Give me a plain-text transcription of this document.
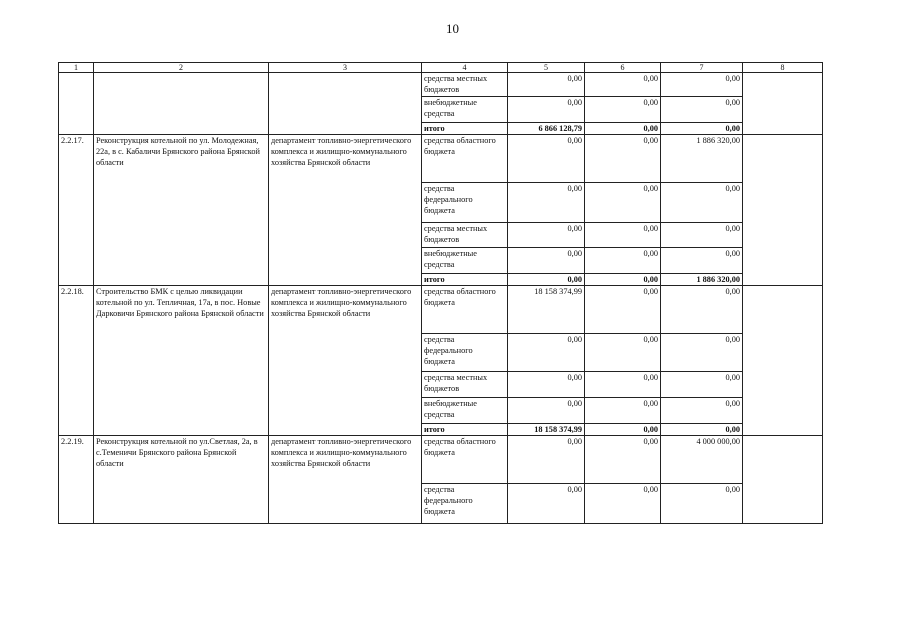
10
1	2	3	4	5	6	7	8
			средства местных бюджетов	0,00	0,00	0,00	
			внебюджетные средства	0,00	0,00	0,00	
			итого	6 866 128,79	0,00	0,00	
2.2.17.	Реконструкция котельной по ул. Молодежная, 22а, в с. Кабаличи Брянского района Брянской области	департамент топливно-энергетического комплекса и жилищно-коммунального хозяйства Брянской области	средства областного бюджета	0,00	0,00	1 886 320,00	
			средства федерального бюджета	0,00	0,00	0,00	
			средства местных бюджетов	0,00	0,00	0,00	
			внебюджетные средства	0,00	0,00	0,00	
			итого	0,00	0,00	1 886 320,00	
2.2.18.	Строительство БМК с целью ликвидации котельной по ул. Тепличная, 17а, в пос. Новые Дарковичи Брянского района Брянской области	департамент топливно-энергетического комплекса и жилищно-коммунального хозяйства Брянской области	средства областного бюджета	18 158 374,99	0,00	0,00	
			средства федерального бюджета	0,00	0,00	0,00	
			средства местных бюджетов	0,00	0,00	0,00	
			внебюджетные средства	0,00	0,00	0,00	
			итого	18 158 374,99	0,00	0,00	
2.2.19.	Реконструкция котельной по ул.Светлая, 2а, в с.Теменичи Брянского района Брянской области	департамент топливно-энергетического комплекса и жилищно-коммунального хозяйства Брянской области	средства областного бюджета	0,00	0,00	4 000 000,00	
			средства федерального бюджета	0,00	0,00	0,00	
